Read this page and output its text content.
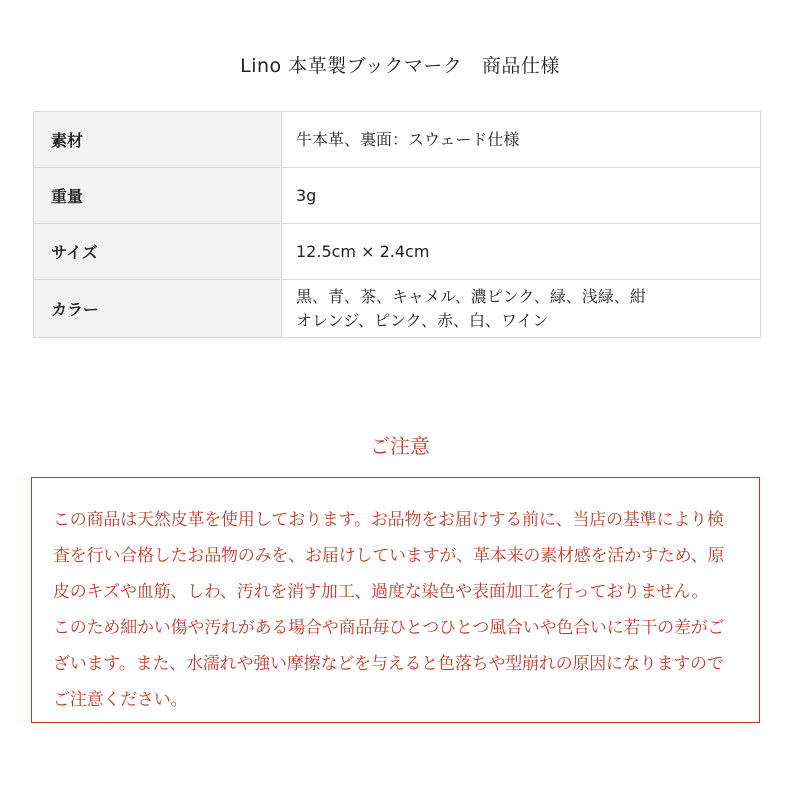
Lino 本革製ブックマーク　商品仕様
素材	牛本革、裏面：スウェード仕様

重量	3g

サイズ	12.5cm × 2.4cm

カラー	黒、青、茶、キャメル、濃ピンク、緑、浅緑、紺
オレンジ、ピンク、赤、白、ワイン
ご注意
この商品は天然皮革を使用しております。お品物をお届けする前に、当店の基準により検
査を行い合格したお品物のみを、お届けしていますが、革本来の素材感を活かすため、原
皮のキズや血筋、しわ、汚れを消す加工、過度な染色や表面加工を行っておりません。
このため細かい傷や汚れがある場合や商品毎ひとつひとつ風合いや色合いに若干の差がご
ざいます。また、水濡れや強い摩擦などを与えると色落ちや型崩れの原因になりますので
ご注意ください。
